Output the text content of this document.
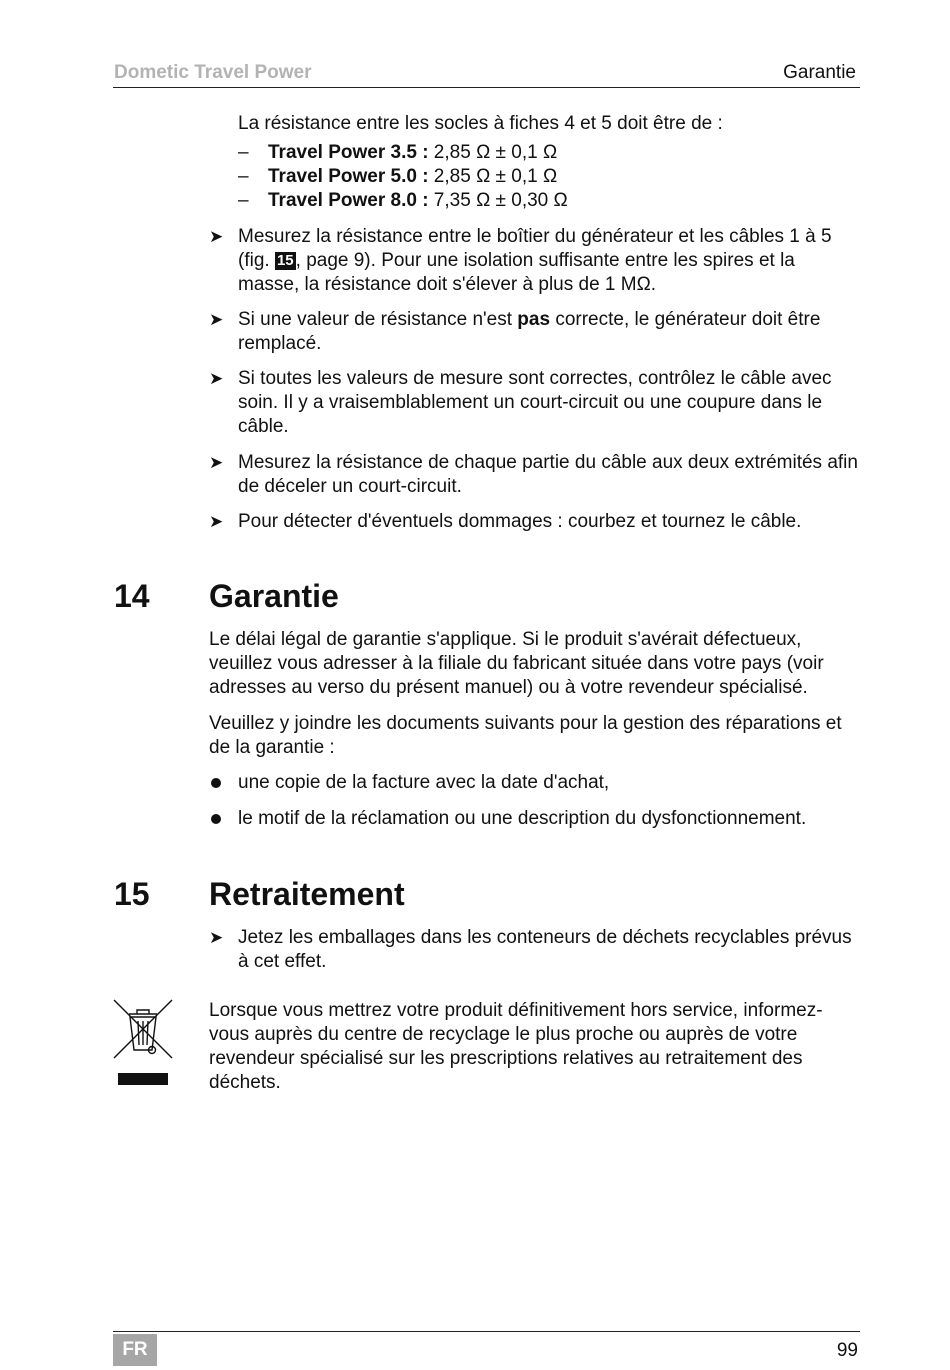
Dometic Travel Power	Garantie
La résistance entre les socles à fiches 4 et 5 doit être de :
– Travel Power 3.5 : 2,85 Ω ± 0,1 Ω
– Travel Power 5.0 : 2,85 Ω ± 0,1 Ω
– Travel Power 8.0 : 7,35 Ω ± 0,30 Ω
➤ Mesurez la résistance entre le boîtier du générateur et les câbles 1 à 5 (fig. 15 , page 9). Pour une isolation suffisante entre les spires et la masse, la résistance doit s'élever à plus de 1 MΩ.
➤ Si une valeur de résistance n'est pas correcte, le générateur doit être remplacé.
➤ Si toutes les valeurs de mesure sont correctes, contrôlez le câble avec soin. Il y a vraisemblablement un court-circuit ou une coupure dans le câble.
➤ Mesurez la résistance de chaque partie du câble aux deux extrémités afin de déceler un court-circuit.
➤ Pour détecter d'éventuels dommages : courbez et tournez le câble.
14 Garantie
Le délai légal de garantie s'applique. Si le produit s'avérait défectueux, veuillez vous adresser à la filiale du fabricant située dans votre pays (voir adresses au verso du présent manuel) ou à votre revendeur spécialisé.
Veuillez y joindre les documents suivants pour la gestion des réparations et de la garantie :
une copie de la facture avec la date d'achat,
le motif de la réclamation ou une description du dysfonctionnement.
15 Retraitement
➤ Jetez les emballages dans les conteneurs de déchets recyclables prévus à cet effet.
Lorsque vous mettrez votre produit définitivement hors service, informez-vous auprès du centre de recyclage le plus proche ou auprès de votre revendeur spécialisé sur les prescriptions relatives au retraitement des déchets.
FR	99
